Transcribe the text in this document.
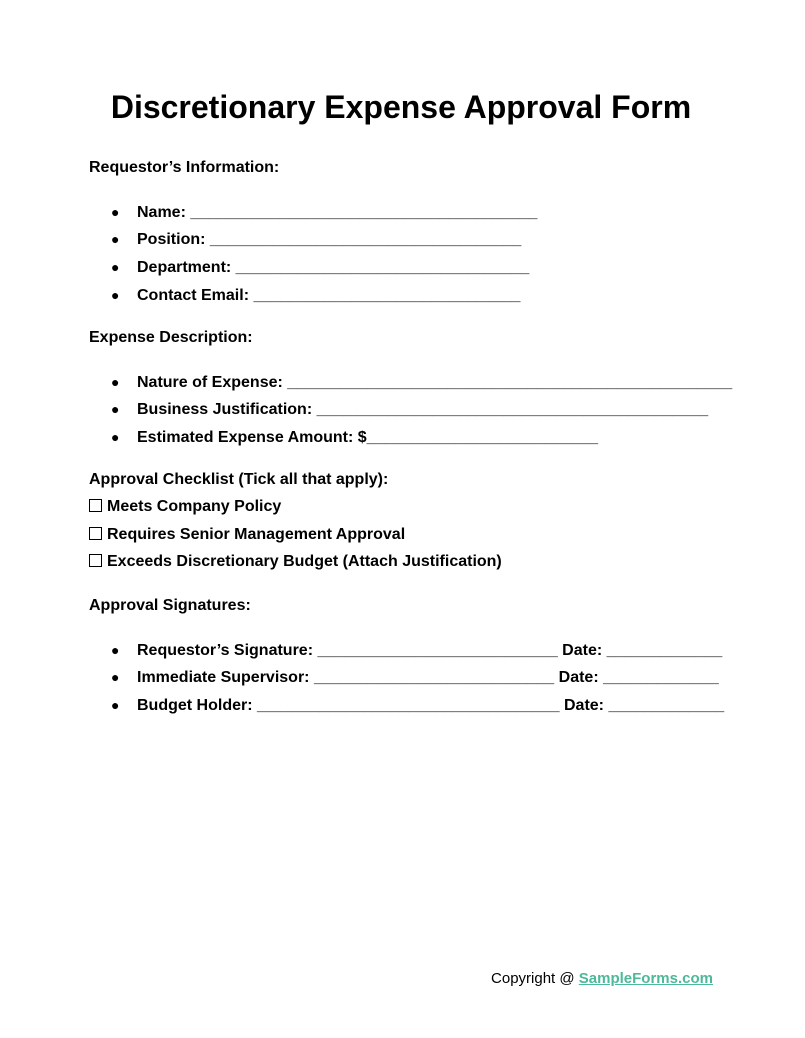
Discretionary Expense Approval Form
Requestor’s Information:
● Name: _______________________________________
● Position: ___________________________________
● Department: _________________________________
● Contact Email: ______________________________
Expense Description:
● Nature of Expense: __________________________________________________
● Business Justification: ____________________________________________
● Estimated Expense Amount: $__________________________
Approval Checklist (Tick all that apply):
Meets Company Policy
Requires Senior Management Approval
Exceeds Discretionary Budget (Attach Justification)
Approval Signatures:
● Requestor’s Signature: ___________________________ Date: _____________
● Immediate Supervisor: ___________________________ Date: _____________
● Budget Holder: __________________________________ Date: _____________
Copyright @ SampleForms.com
